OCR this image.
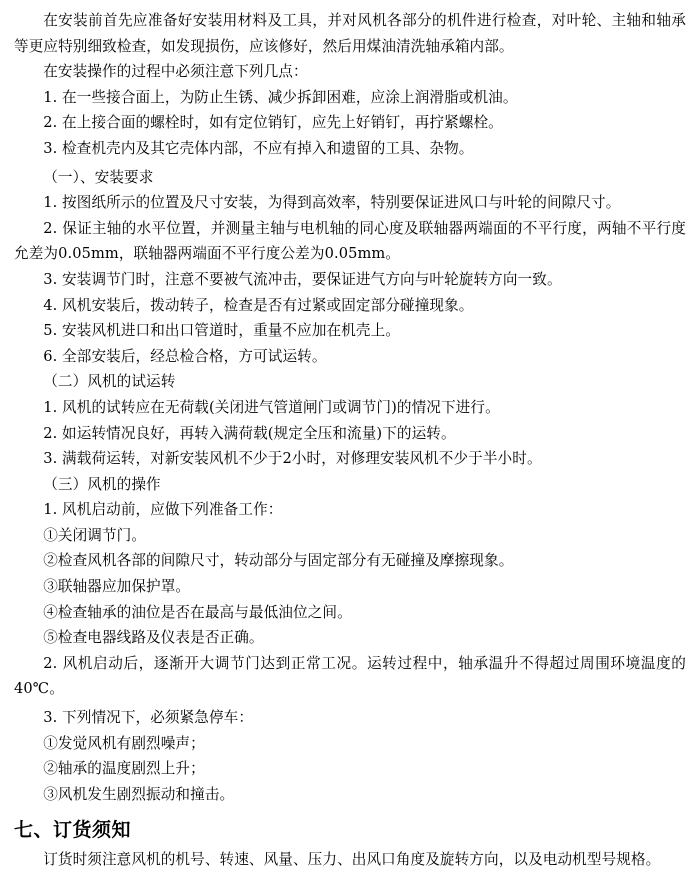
在安装前首先应准备好安装用材料及工具，并对风机各部分的机件进行检查，对叶轮、主轴和轴承等更应特别细致检查，如发现损伤，应该修好，然后用煤油清洗轴承箱内部。

在安装操作的过程中必须注意下列几点：

1. 在一些接合面上，为防止生锈、减少拆卸困难，应涂上润滑脂或机油。

2. 在上接合面的螺栓时，如有定位销钉，应先上好销钉，再拧紧螺栓。

3. 检查机壳内及其它壳体内部，不应有掉入和遗留的工具、杂物。

（一）、安装要求

1. 按图纸所示的位置及尺寸安装，为得到高效率，特别要保证进风口与叶轮的间隙尺寸。

2. 保证主轴的水平位置，并测量主轴与电机轴的同心度及联轴器两端面的不平行度，两轴不平行度允差为0.05mm，联轴器两端面不平行度公差为0.05mm。

3. 安装调节门时，注意不要被气流冲击，要保证进气方向与叶轮旋转方向一致。

4. 风机安装后，拨动转子，检查是否有过紧或固定部分碰撞现象。

5. 安装风机进口和出口管道时，重量不应加在机壳上。

6. 全部安装后，经总检合格，方可试运转。

（二）风机的试运转

1. 风机的试转应在无荷载(关闭进气管道闸门或调节门)的情况下进行。

2. 如运转情况良好，再转入满荷载(规定全压和流量)下的运转。

3. 满载荷运转，对新安装风机不少于2小时，对修理安装风机不少于半小时。

（三）风机的操作

1. 风机启动前，应做下列准备工作：

①关闭调节门。

②检查风机各部的间隙尺寸，转动部分与固定部分有无碰撞及摩擦现象。

③联轴器应加保护罩。

④检查轴承的油位是否在最高与最低油位之间。

⑤检查电器线路及仪表是否正确。

2. 风机启动后，逐渐开大调节门达到正常工况。运转过程中，轴承温升不得超过周围环境温度的40℃。

3. 下列情况下，必须紧急停车：

①发觉风机有剧烈噪声；

②轴承的温度剧烈上升；

③风机发生剧烈振动和撞击。

七、订货须知

订货时须注意风机的机号、转速、风量、压力、出风口角度及旋转方向，以及电动机型号规格。
